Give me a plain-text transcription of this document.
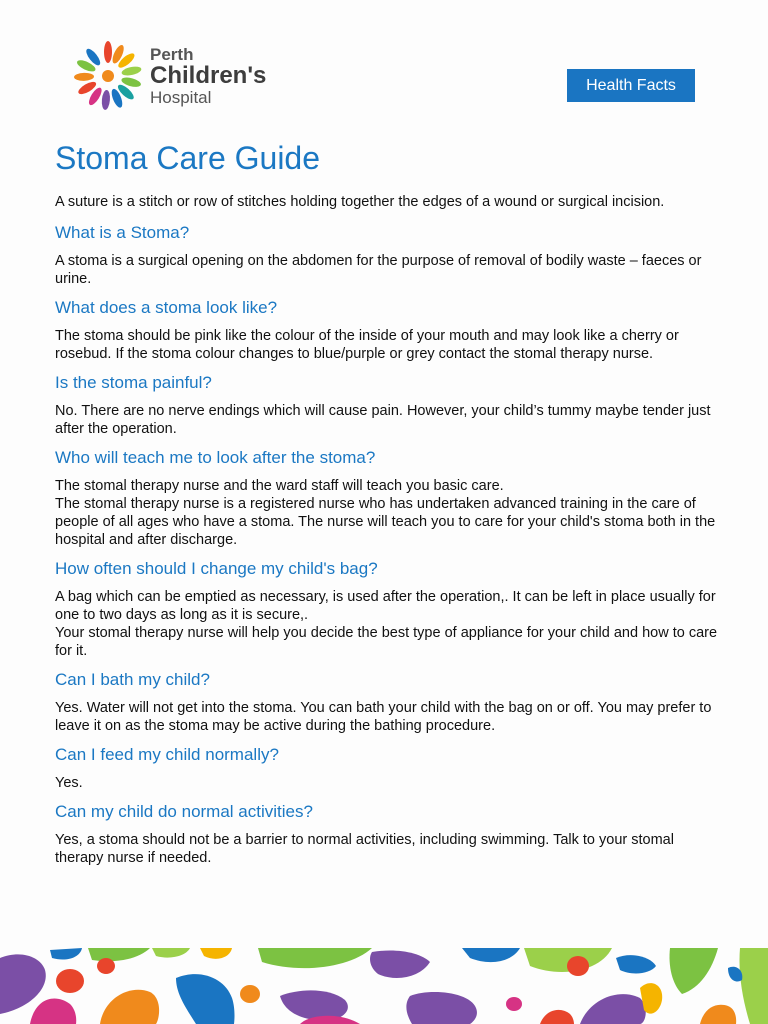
Perth
Children's
Hospital
Health Facts
Stoma Care Guide

A suture is a stitch or row of stitches holding together the edges of a wound or surgical incision.

What is a Stoma?

A stoma is a surgical opening on the abdomen for the purpose of removal of bodily waste – faeces or urine.

What does a stoma look like?

The stoma should be pink like the colour of the inside of your mouth and may look like a cherry or rosebud. If the stoma colour changes to blue/purple or grey contact the stomal therapy nurse.

Is the stoma painful?

No. There are no nerve endings which will cause pain. However, your child’s tummy maybe tender just after the operation.

Who will teach me to look after the stoma?

The stomal therapy nurse and the ward staff will teach you basic care.
The stomal therapy nurse is a registered nurse who has undertaken advanced training in the care of people of all ages who have a stoma. The nurse will teach you to care for your child's stoma both in the hospital and after discharge.

How often should I change my child's bag?

A bag which can be emptied as necessary, is used after the operation,. It can be left in place usually for one to two days as long as it is secure,.
Your stomal therapy nurse will help you decide the best type of appliance for your child and how to care for it.

Can I bath my child?

Yes. Water will not get into the stoma. You can bath your child with the bag on or off. You may prefer to leave it on as the stoma may be active during the bathing procedure.

Can I feed my child normally?

Yes.

Can my child do normal activities?

Yes, a stoma should not be a barrier to normal activities, including swimming. Talk to your stomal therapy nurse if needed.
